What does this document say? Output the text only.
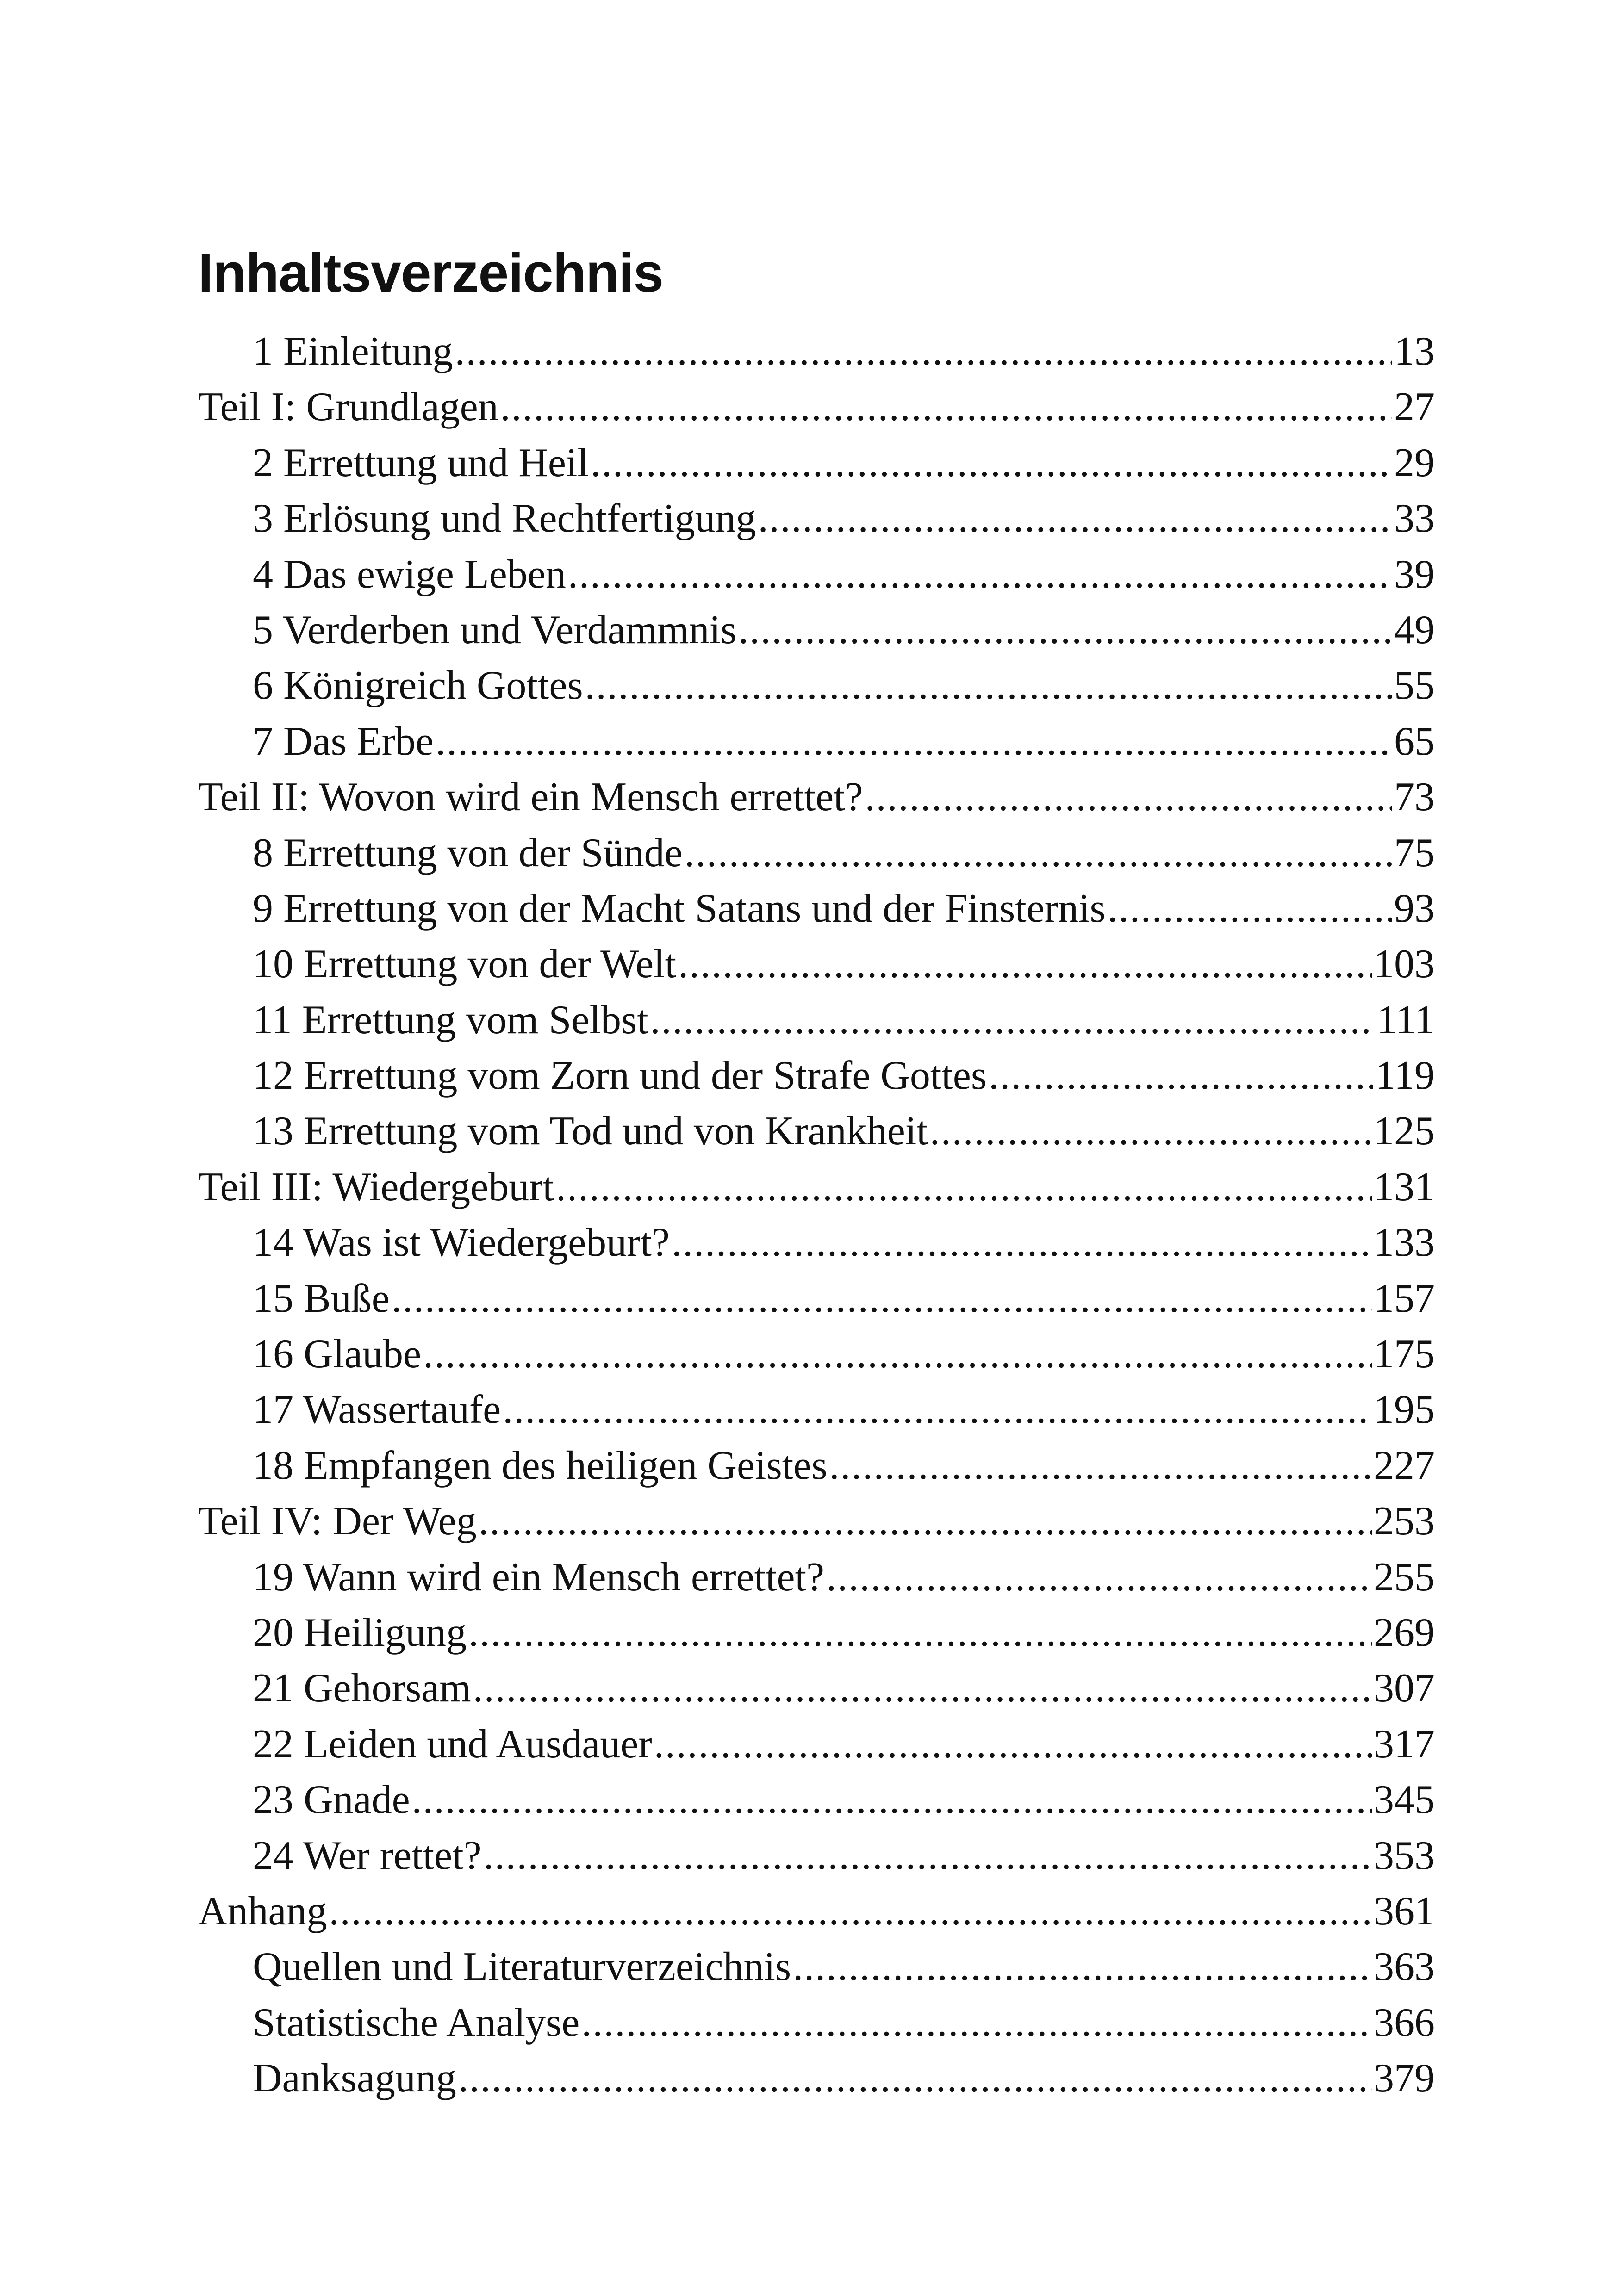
Inhaltsverzeichnis
1 Einleitung .....	13
Teil I: Grundlagen .....	27
2 Errettung und Heil .....	29
3 Erlösung und Rechtfertigung .....	33
4 Das ewige Leben .....	39
5 Verderben und Verdammnis .....	49
6 Königreich Gottes .....	55
7 Das Erbe .....	65
Teil II: Wovon wird ein Mensch errettet? .....	73
8 Errettung von der Sünde .....	75
9 Errettung von der Macht Satans und der Finsternis .....	93
10 Errettung von der Welt .....	103
11 Errettung vom Selbst .....	111
12 Errettung vom Zorn und der Strafe Gottes .....	119
13 Errettung vom Tod und von Krankheit .....	125
Teil III: Wiedergeburt .....	131
14 Was ist Wiedergeburt? .....	133
15 Buße .....	157
16 Glaube .....	175
17 Wassertaufe .....	195
18 Empfangen des heiligen Geistes .....	227
Teil IV: Der Weg .....	253
19 Wann wird ein Mensch errettet? .....	255
20 Heiligung .....	269
21 Gehorsam .....	307
22 Leiden und Ausdauer .....	317
23 Gnade .....	345
24 Wer rettet? .....	353
Anhang .....	361
Quellen und Literaturverzeichnis .....	363
Statistische Analyse .....	366
Danksagung .....	379
